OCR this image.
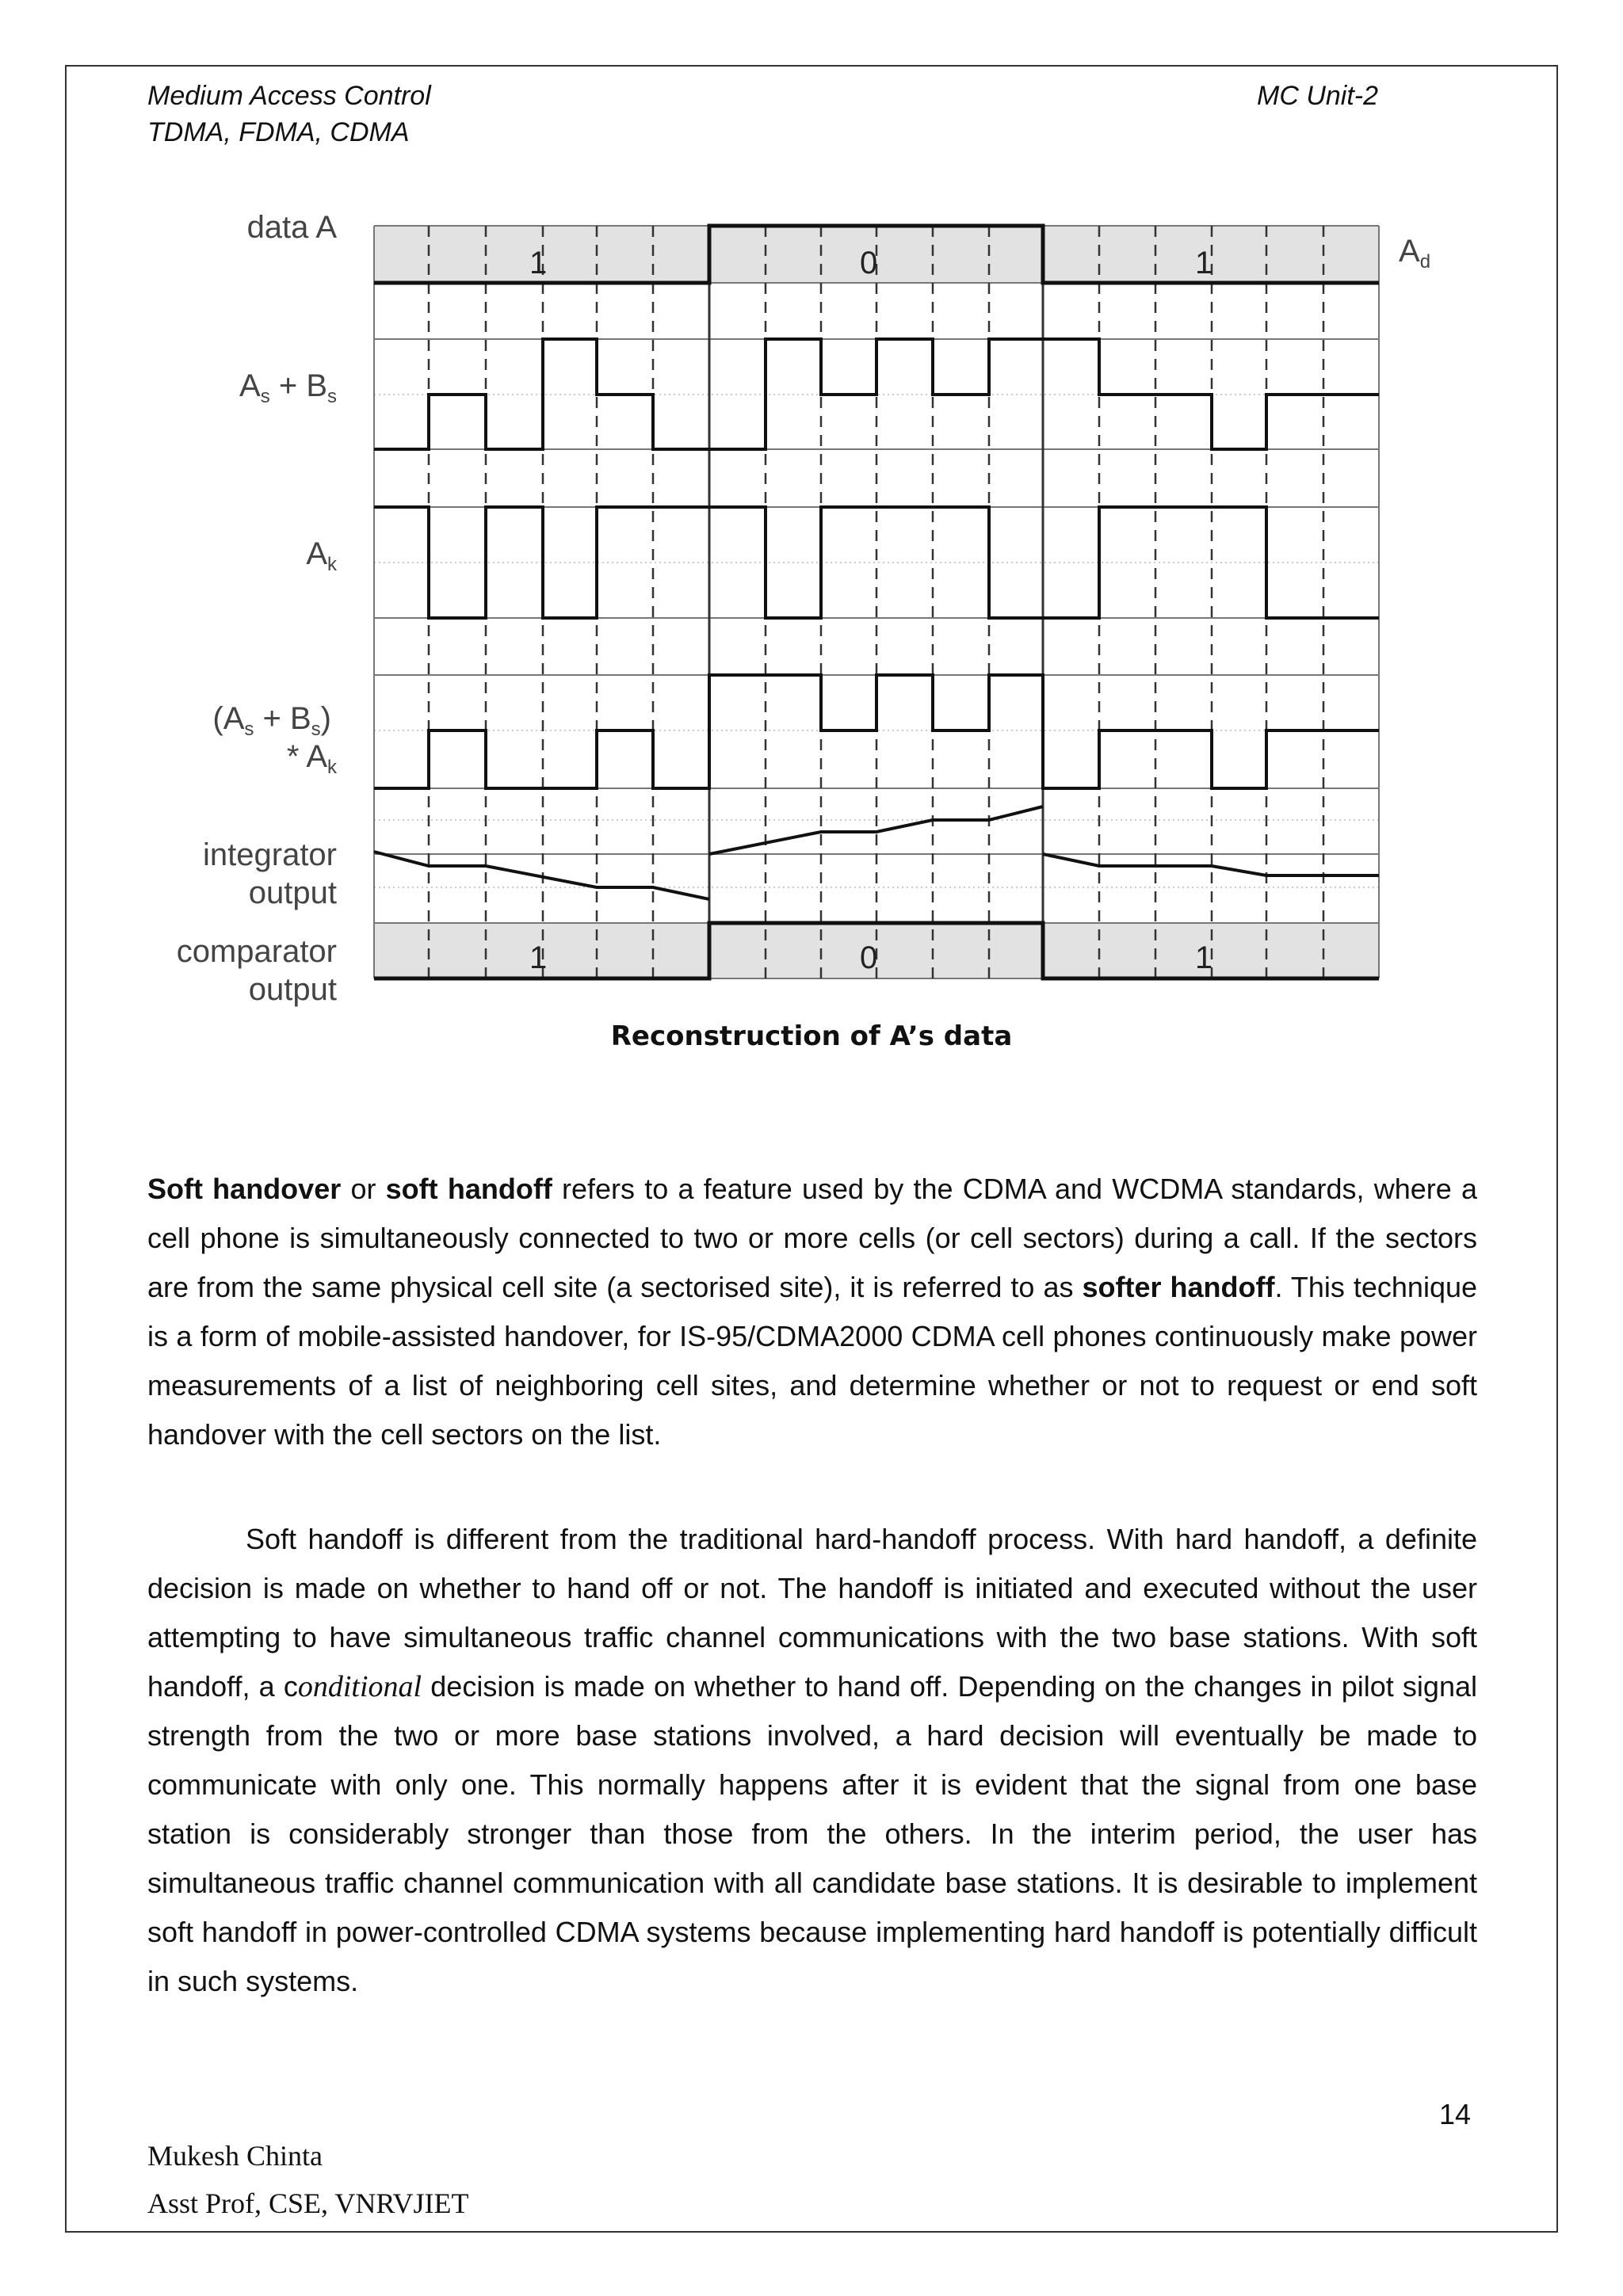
Medium Access Control
TDMA, FDMA, CDMA
MC Unit-2
1	0	1
1	0	1
data A
$A_s + B_s$
$A_k$
$(A_s + B_s)$
* $A_k$
integrator
output
comparator
output
$A_d$
Reconstruction of A’s data

Soft handover or soft handoff refers to a feature used by the CDMA and WCDMA standards, where a cell phone is simultaneously connected to two or more cells (or cell sectors) during a call. If the sectors are from the same physical cell site (a sectorised site), it is referred to as softer handoff. This technique is a form of mobile-assisted handover, for IS-95/CDMA2000 CDMA cell phones continuously make power measurements of a list of neighboring cell sites, and determine whether or not to request or end soft handover with the cell sectors on the list.

Soft handoff is different from the traditional hard-handoff process. With hard handoff, a definite decision is made on whether to hand off or not. The handoff is initiated and executed without the user attempting to have simultaneous traffic channel communications with the two base stations. With soft handoff, a conditional decision is made on whether to hand off. Depending on the changes in pilot signal strength from the two or more base stations involved, a hard decision will eventually be made to communicate with only one. This normally happens after it is evident that the signal from one base station is considerably stronger than those from the others. In the interim period, the user has simultaneous traffic channel communication with all candidate base stations. It is desirable to implement soft handoff in power-controlled CDMA systems because implementing hard handoff is potentially difficult in such systems.

14
Mukesh Chinta
Asst Prof, CSE, VNRVJIET
